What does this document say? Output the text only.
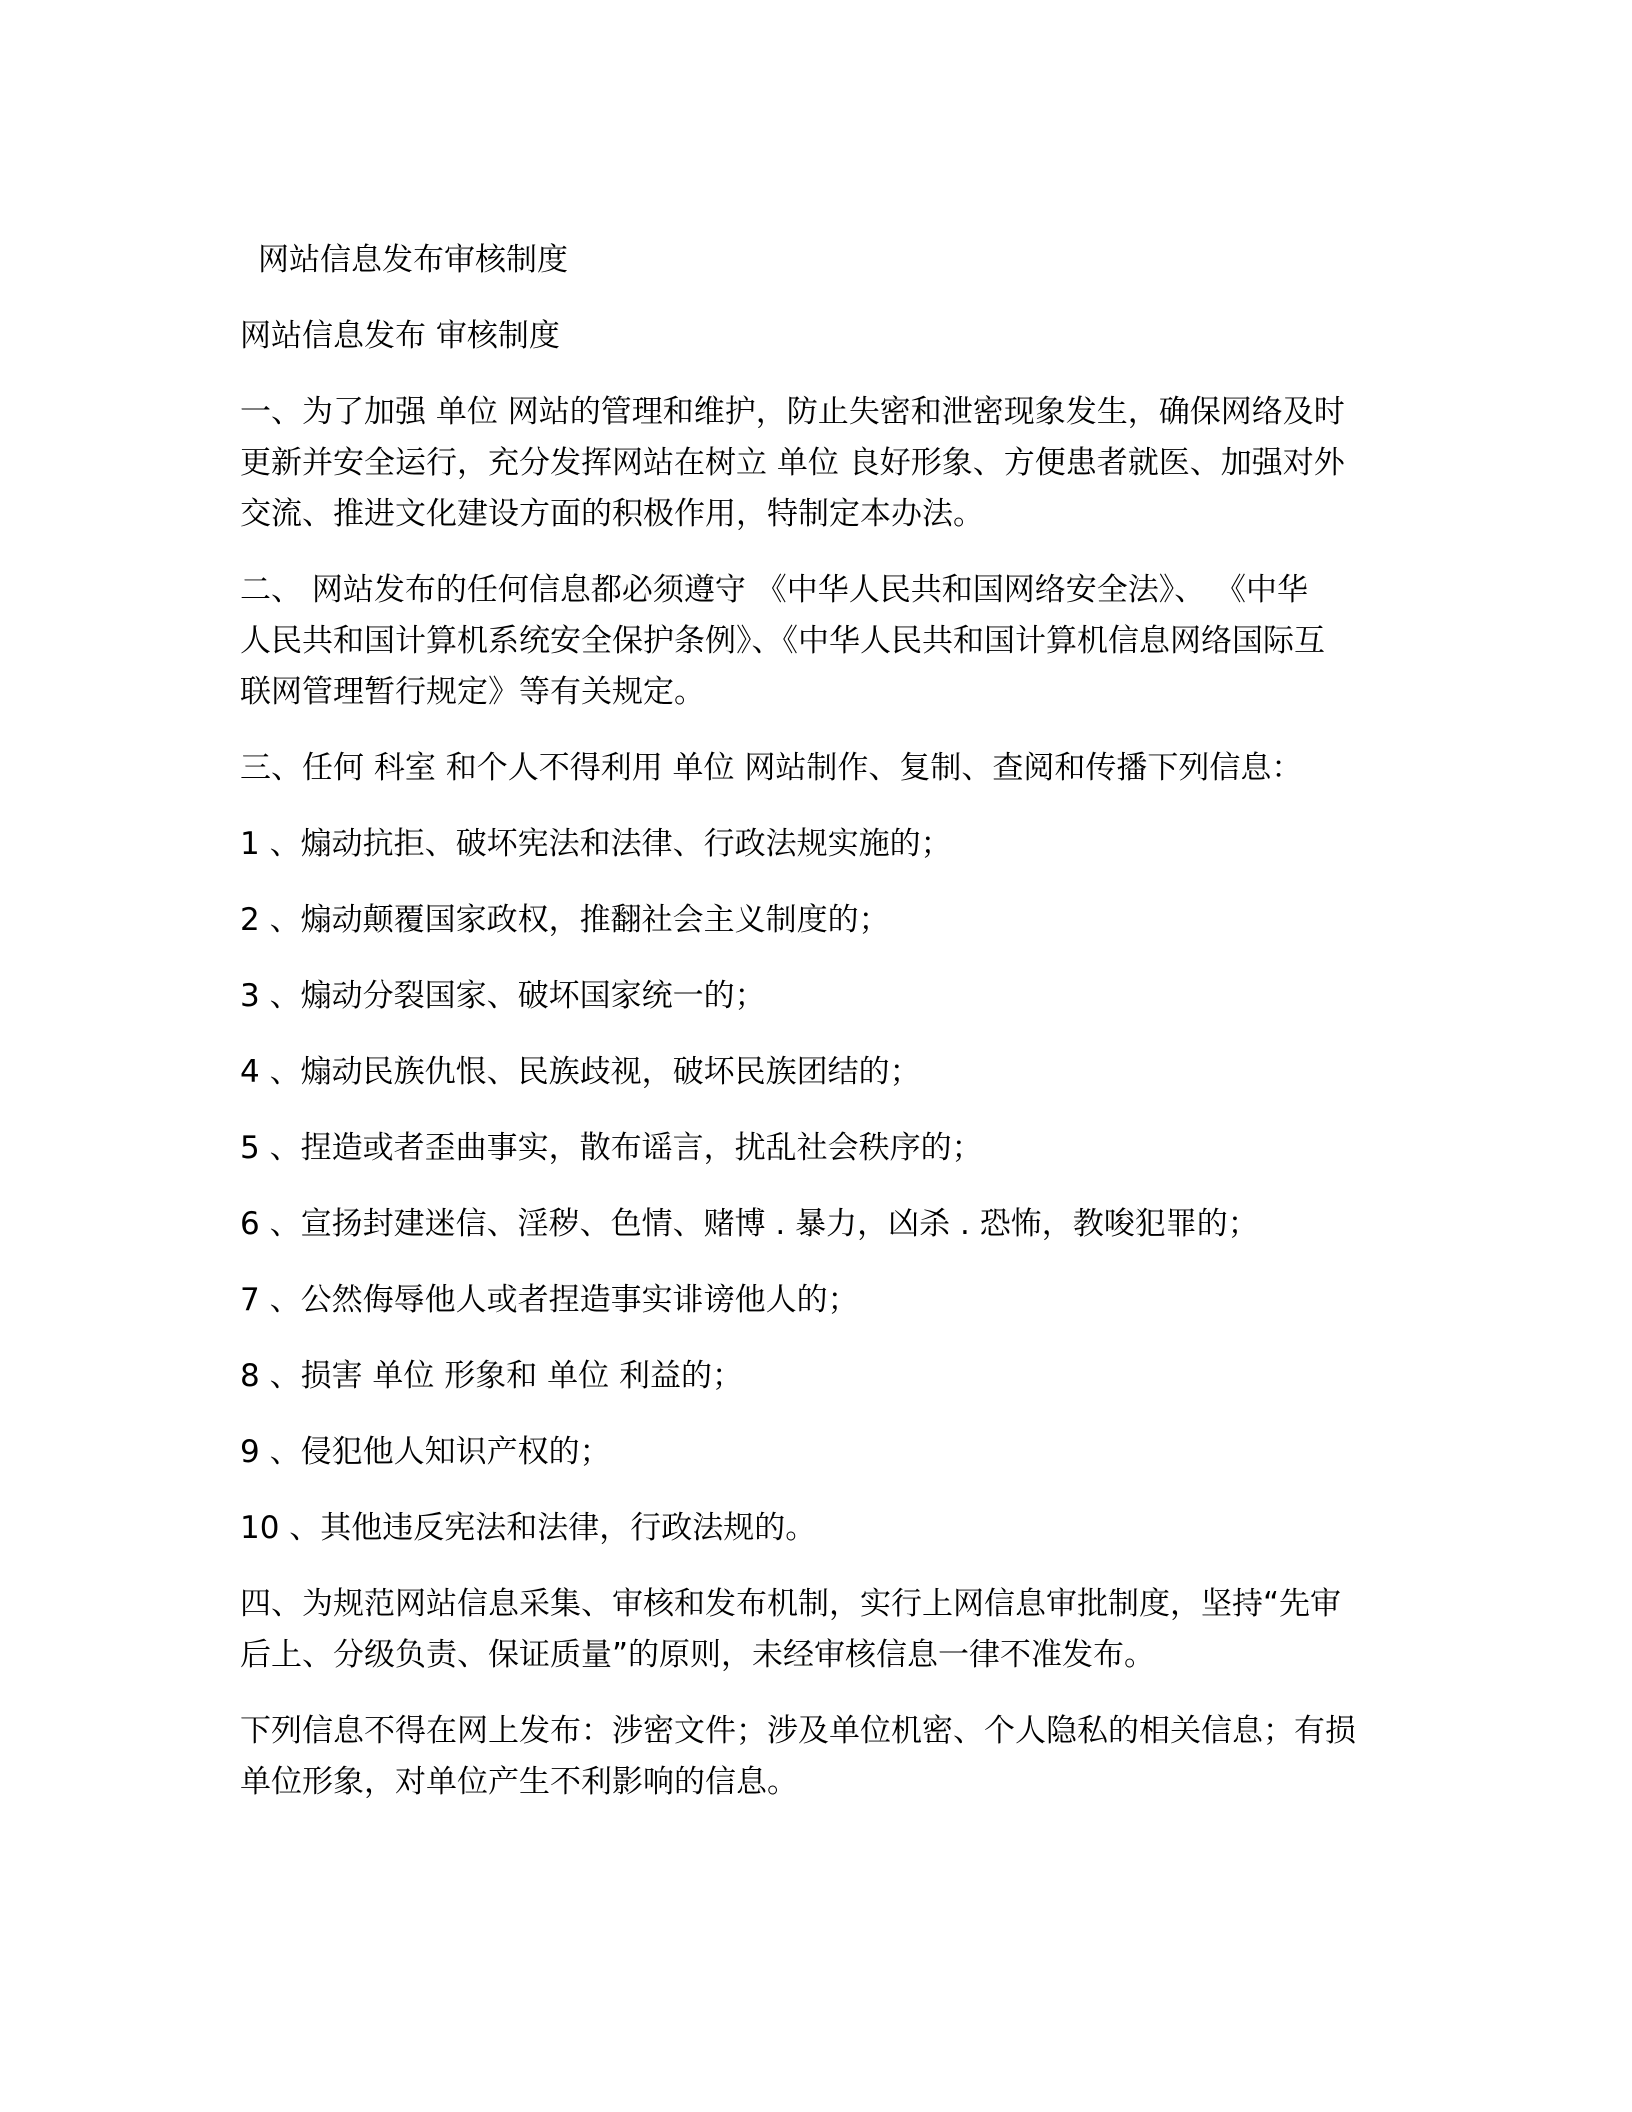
网站信息发布审核制度
网站信息发布 审核制度
一、为了加强 单位 网站的管理和维护，防止失密和泄密现象发生，确保网络及时
更新并安全运行，充分发挥网站在树立 单位 良好形象、方便患者就医、加强对外
交流、推进文化建设方面的积极作用，特制定本办法。
二、 网站发布的任何信息都必须遵守 《中华人民共和国网络安全法》、 《中华
人民共和国计算机系统安全保护条例》、《中华人民共和国计算机信息网络国际互
联网管理暂行规定》等有关规定。
三、任何 科室 和个人不得利用 单位 网站制作、复制、查阅和传播下列信息：
1 、煽动抗拒、破坏宪法和法律、行政法规实施的；
2 、煽动颠覆国家政权，推翻社会主义制度的；
3 、煽动分裂国家、破坏国家统一的；
4 、煽动民族仇恨、民族歧视，破坏民族团结的；
5 、捏造或者歪曲事实，散布谣言，扰乱社会秩序的；
6 、宣扬封建迷信、淫秽、色情、赌博 . 暴力，凶杀 . 恐怖，教唆犯罪的；
7 、公然侮辱他人或者捏造事实诽谤他人的；
8 、损害 单位 形象和 单位 利益的；
9 、侵犯他人知识产权的；
10 、其他违反宪法和法律，行政法规的。
四、为规范网站信息采集、审核和发布机制，实行上网信息审批制度，坚持“先审
后上、分级负责、保证质量”的原则，未经审核信息一律不准发布。
下列信息不得在网上发布：涉密文件；涉及单位机密、个人隐私的相关信息；有损
单位形象，对单位产生不利影响的信息。
